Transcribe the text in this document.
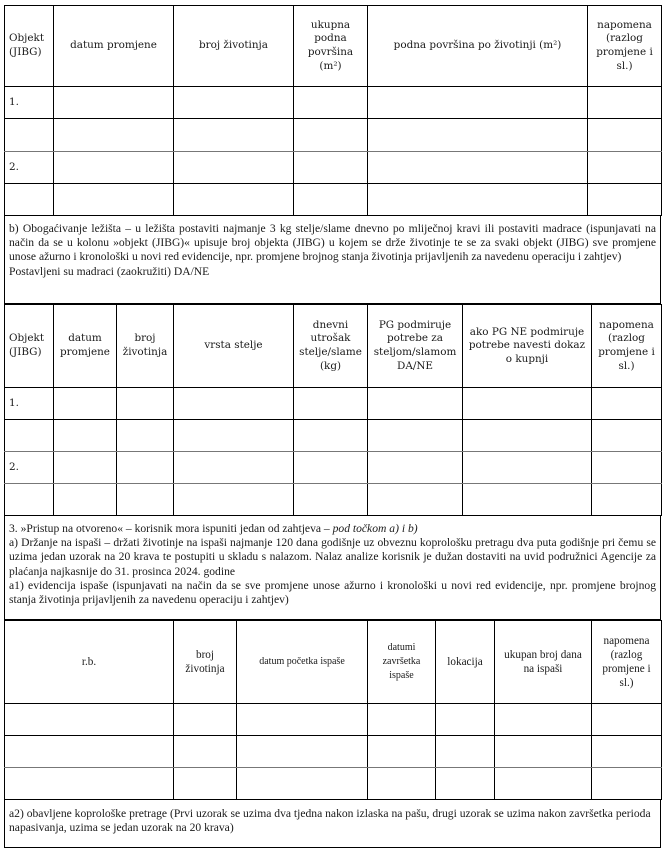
Objekt (JIBG)	datum promjene	broj životinja	ukupna podna površina (m²)	podna površina po životinji (m²)	napomena (razlog promjene i sl.)
1.					

2.					

b) Obogaćivanje ležišta – u ležišta postaviti najmanje 3 kg stelje/slame dnevno po mliječnoj kravi ili postaviti madrace (ispunjavati na način da se u kolonu »objekt (JIBG)« upisuje broj objekta (JIBG) u kojem se drže životinje te se za svaki objekt (JIBG) sve promjene unose ažurno i kronološki u novi red evidencije, npr. promjene brojnog stanja životinja prijavljenih za navedenu operaciju i zahtjev)

Postavljeni su madraci (zaokružiti) DA/NE

Objekt (JIBG)	datum promjene	broj životinja	vrsta stelje	dnevni utrošak stelje/slame (kg)	PG podmiruje potrebe za steljom/slamom DA/NE	ako PG NE podmiruje potrebe navesti dokaz o kupnji	napomena (razlog promjene i sl.)
1.							

2.							

3. »Pristup na otvoreno« – korisnik mora ispuniti jedan od zahtjeva – pod točkom a) i b)

a) Držanje na ispaši – držati životinje na ispaši najmanje 120 dana godišnje uz obveznu koprološku pretragu dva puta godišnje pri čemu se uzima jedan uzorak na 20 krava te postupiti u skladu s nalazom. Nalaz analize korisnik je dužan dostaviti na uvid podružnici Agencije za plaćanja najkasnije do 31. prosinca 2024. godine

a1) evidencija ispaše (ispunjavati na način da se sve promjene unose ažurno i kronološki u novi red evidencije, npr. promjene brojnog stanja životinja prijavljenih za navedenu operaciju i zahtjev)

r.b.	broj životinja	datum početka ispaše	datumi završetka ispaše	lokacija	ukupan broj dana na ispaši	napomena (razlog promjene i sl.)

a2) obavljene koprološke pretrage (Prvi uzorak se uzima dva tjedna nakon izlaska na pašu, drugi uzorak se uzima nakon završetka perioda napasivanja, uzima se jedan uzorak na 20 krava)
